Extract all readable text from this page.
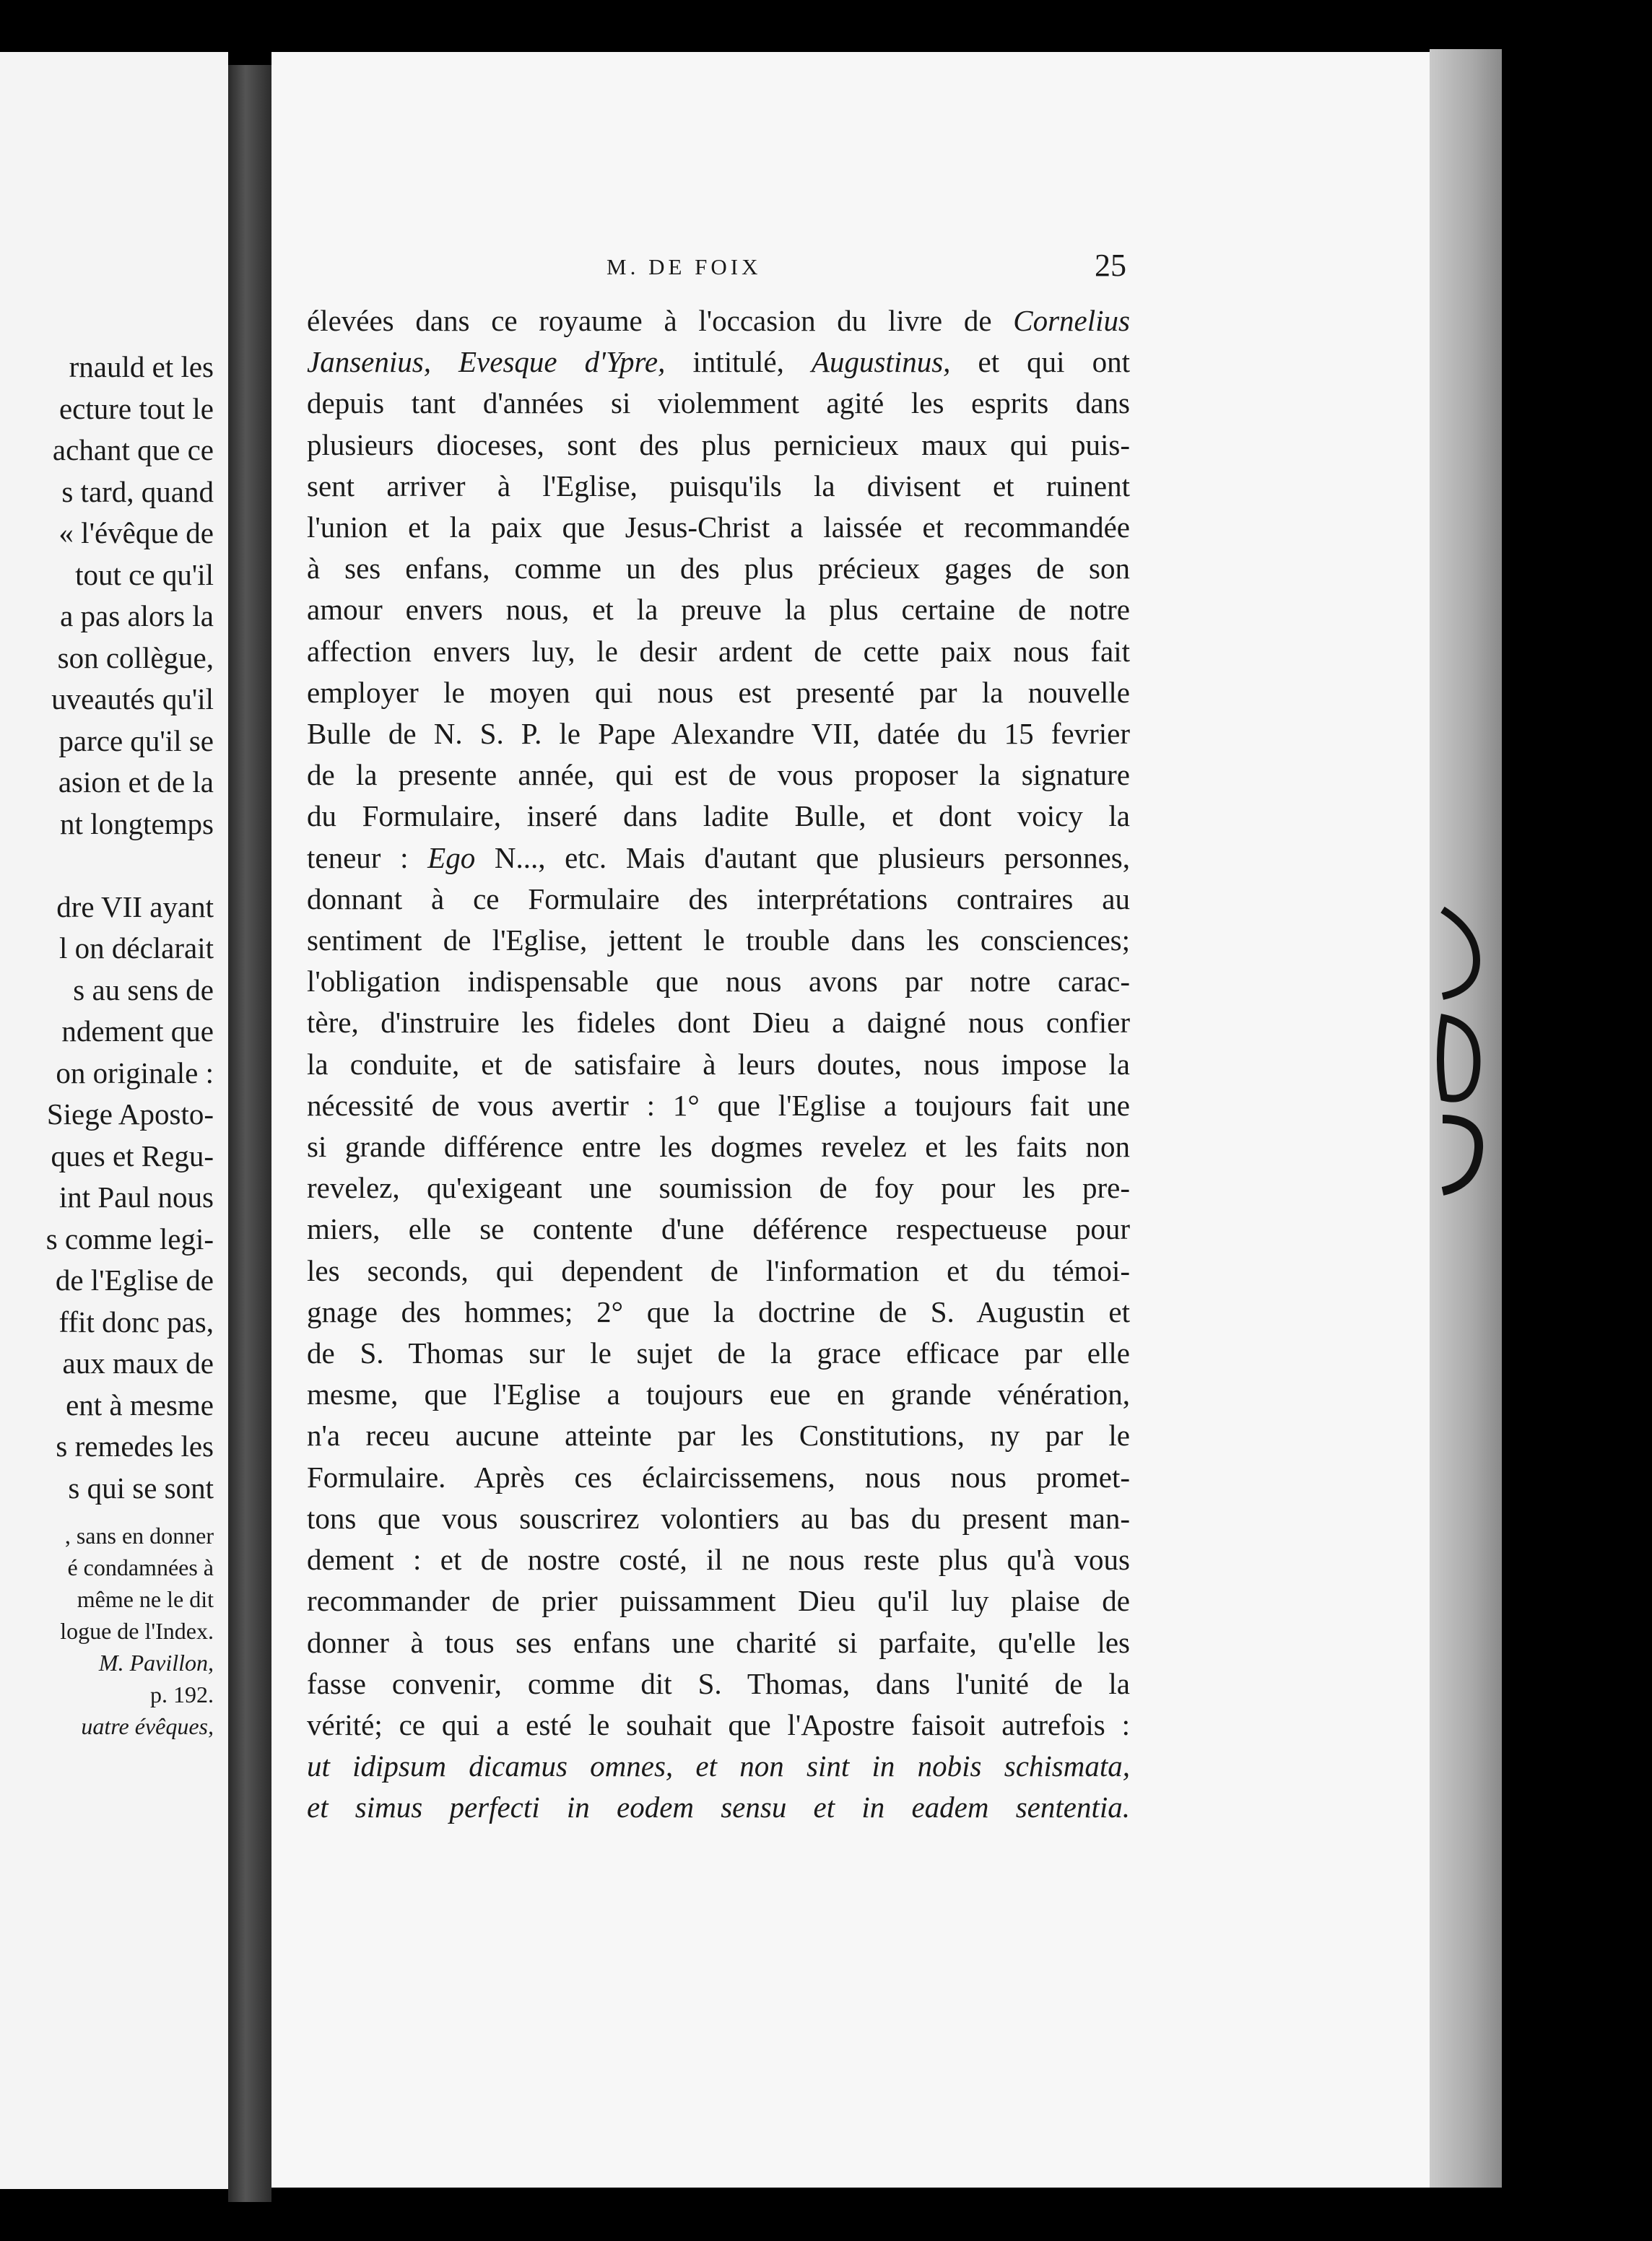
rnauld et les
ecture tout le
achant que ce
s tard, quand
« l'évêque de
tout ce qu'il
a pas alors la
son collègue,
uveautés qu'il
parce qu'il se
asion et de la
nt longtemps

dre VII ayant
l on déclarait
s au sens de
ndement que
on originale :
Siege Aposto-
ques et Regu-
int Paul nous
s comme legi-
de l'Eglise de
ffit donc pas,
aux maux de
ent à mesme
s remedes les
s qui se sont
, sans en donner
é condamnées à
même ne le dit
logue de l'Index.
M. Pavillon,
p. 192.
uatre évêques,
M. DE FOIX	25
élevées dans ce royaume à l'occasion du livre de Cornelius
Jansenius, Evesque d'Ypre, intitulé, Augustinus, et qui ont
depuis tant d'années si violemment agité les esprits dans
plusieurs dioceses, sont des plus pernicieux maux qui puis-
sent arriver à l'Eglise, puisqu'ils la divisent et ruinent
l'union et la paix que Jesus-Christ a laissée et recommandée
à ses enfans, comme un des plus précieux gages de son
amour envers nous, et la preuve la plus certaine de notre
affection envers luy, le desir ardent de cette paix nous fait
employer le moyen qui nous est presenté par la nouvelle
Bulle de N. S. P. le Pape Alexandre VII, datée du 15 fevrier
de la presente année, qui est de vous proposer la signature
du Formulaire, inseré dans ladite Bulle, et dont voicy la
teneur : Ego N..., etc. Mais d'autant que plusieurs personnes,
donnant à ce Formulaire des interprétations contraires au
sentiment de l'Eglise, jettent le trouble dans les consciences;
l'obligation indispensable que nous avons par notre carac-
tère, d'instruire les fideles dont Dieu a daigné nous confier
la conduite, et de satisfaire à leurs doutes, nous impose la
nécessité de vous avertir : 1° que l'Eglise a toujours fait une
si grande différence entre les dogmes revelez et les faits non
revelez, qu'exigeant une soumission de foy pour les pre-
miers, elle se contente d'une déférence respectueuse pour
les seconds, qui dependent de l'information et du témoi-
gnage des hommes; 2° que la doctrine de S. Augustin et
de S. Thomas sur le sujet de la grace efficace par elle
mesme, que l'Eglise a toujours eue en grande vénération,
n'a receu aucune atteinte par les Constitutions, ny par le
Formulaire. Après ces éclaircissemens, nous nous promet-
tons que vous souscrirez volontiers au bas du present man-
dement : et de nostre costé, il ne nous reste plus qu'à vous
recommander de prier puissamment Dieu qu'il luy plaise de
donner à tous ses enfans une charité si parfaite, qu'elle les
fasse convenir, comme dit S. Thomas, dans l'unité de la
vérité; ce qui a esté le souhait que l'Apostre faisoit autrefois :
ut idipsum dicamus omnes, et non sint in nobis schismata,
et simus perfecti in eodem sensu et in eadem sententia.
